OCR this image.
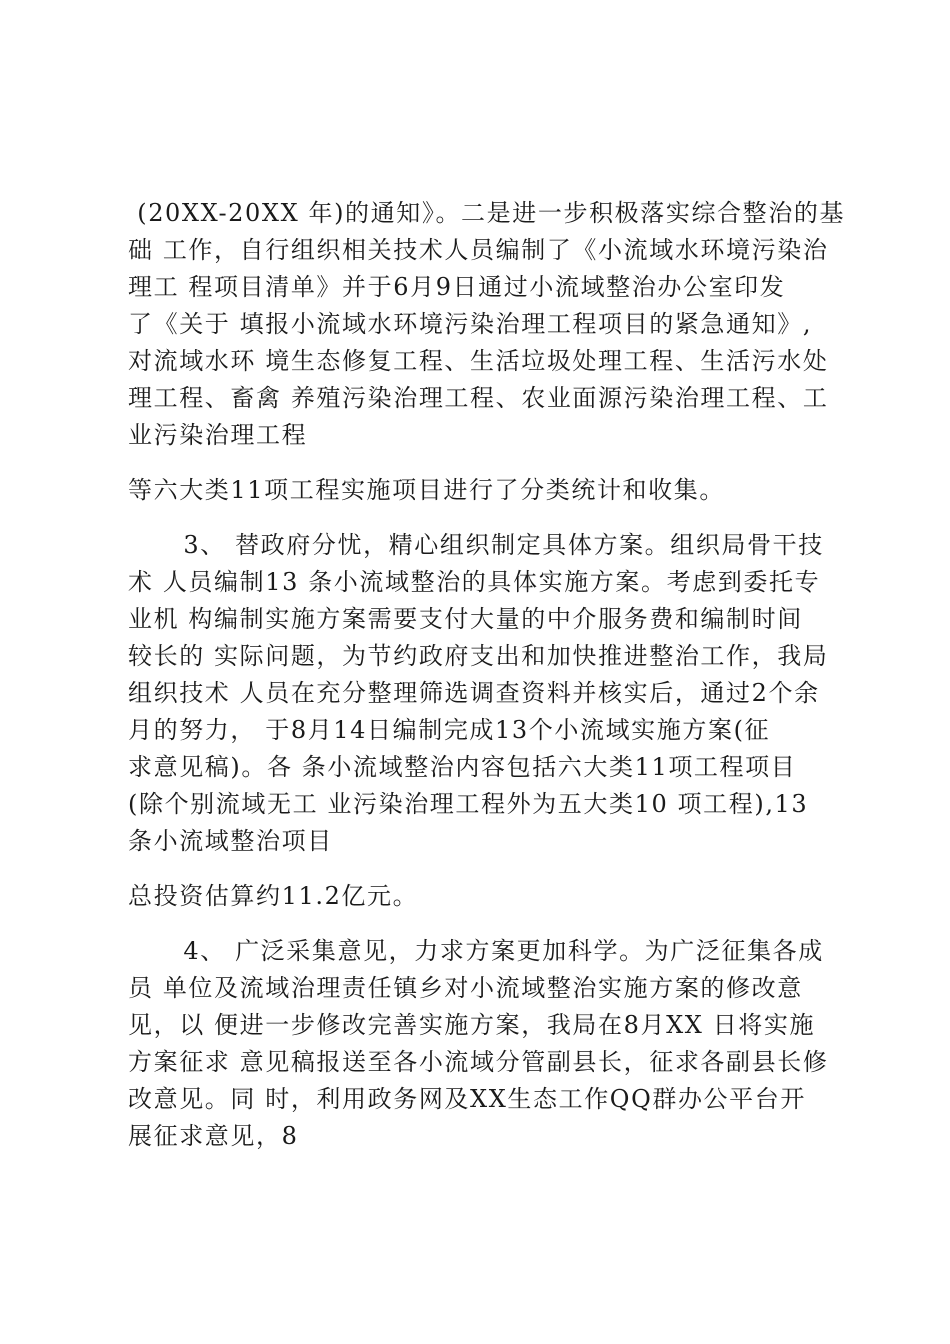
(20XX-20XX 年)的通知》。二是进一步积极落实综合整治的基
础 工作，自行组织相关技术人员编制了《小流域水环境污染治
理工 程项目清单》并于6月9日通过小流域整治办公室印发
了《关于 填报小流域水环境污染治理工程项目的紧急通知》,
对流域水环 境生态修复工程、生活垃圾处理工程、生活污水处
理工程、畜禽 养殖污染治理工程、农业面源污染治理工程、工
业污染治理工程
等六大类11项工程实施项目进行了分类统计和收集。
3、 替政府分忧，精心组织制定具体方案。组织局骨干技
术 人员编制13 条小流域整治的具体实施方案。考虑到委托专
业机 构编制实施方案需要支付大量的中介服务费和编制时间
较长的 实际问题，为节约政府支出和加快推进整治工作，我局
组织技术 人员在充分整理筛选调查资料并核实后，通过2个余
月的努力， 于8月14日编制完成13个小流域实施方案(征
求意见稿)。各 条小流域整治内容包括六大类11项工程项目
(除个别流域无工 业污染治理工程外为五大类10 项工程),13
条小流域整治项目
总投资估算约11.2亿元。
4、 广泛采集意见，力求方案更加科学。为广泛征集各成
员 单位及流域治理责任镇乡对小流域整治实施方案的修改意
见，以 便进一步修改完善实施方案，我局在8月XX 日将实施
方案征求 意见稿报送至各小流域分管副县长，征求各副县长修
改意见。同 时，利用政务网及XX生态工作QQ群办公平台开
展征求意见，8
